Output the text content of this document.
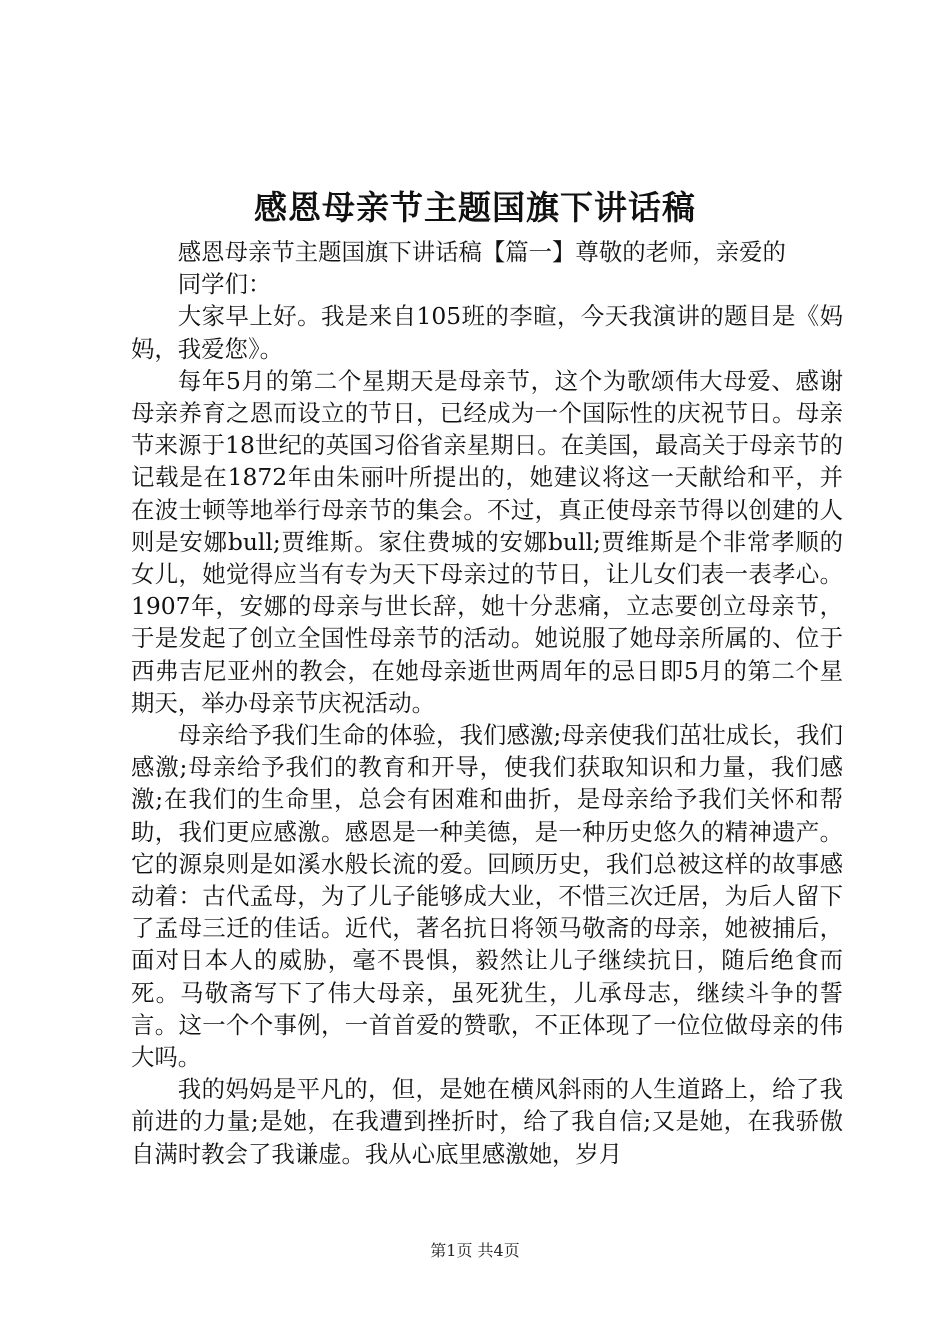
感恩母亲节主题国旗下讲话稿

感恩母亲节主题国旗下讲话稿【篇一】尊敬的老师，亲爱的

同学们：

大家早上好。我是来自105班的李暄，今天我演讲的题目是《妈妈，我爱您》。

每年5月的第二个星期天是母亲节，这个为歌颂伟大母爱、感谢母亲养育之恩而设立的节日，已经成为一个国际性的庆祝节日。母亲节来源于18世纪的英国习俗省亲星期日。在美国，最高关于母亲节的记载是在1872年由朱丽叶所提出的，她建议将这一天献给和平，并在波士顿等地举行母亲节的集会。不过，真正使母亲节得以创建的人则是安娜bull;贾维斯。家住费城的安娜bull;贾维斯是个非常孝顺的女儿，她觉得应当有专为天下母亲过的节日，让儿女们表一表孝心。1907年，安娜的母亲与世长辞，她十分悲痛，立志要创立母亲节，于是发起了创立全国性母亲节的活动。她说服了她母亲所属的、位于西弗吉尼亚州的教会，在她母亲逝世两周年的忌日即5月的第二个星期天，举办母亲节庆祝活动。

母亲给予我们生命的体验，我们感激;母亲使我们茁壮成长，我们感激;母亲给予我们的教育和开导，使我们获取知识和力量，我们感激;在我们的生命里，总会有困难和曲折，是母亲给予我们关怀和帮助，我们更应感激。感恩是一种美德，是一种历史悠久的精神遗产。它的源泉则是如溪水般长流的爱。回顾历史，我们总被这样的故事感动着：古代孟母，为了儿子能够成大业，不惜三次迁居，为后人留下了孟母三迁的佳话。近代，著名抗日将领马敬斋的母亲，她被捕后，面对日本人的威胁，毫不畏惧，毅然让儿子继续抗日，随后绝食而死。马敬斋写下了伟大母亲，虽死犹生，儿承母志，继续斗争的誓言。这一个个事例，一首首爱的赞歌，不正体现了一位位做母亲的伟大吗。

我的妈妈是平凡的，但，是她在横风斜雨的人生道路上，给了我前进的力量;是她，在我遭到挫折时，给了我自信;又是她，在我骄傲自满时教会了我谦虚。我从心底里感激她，岁月

第1页 共4页
